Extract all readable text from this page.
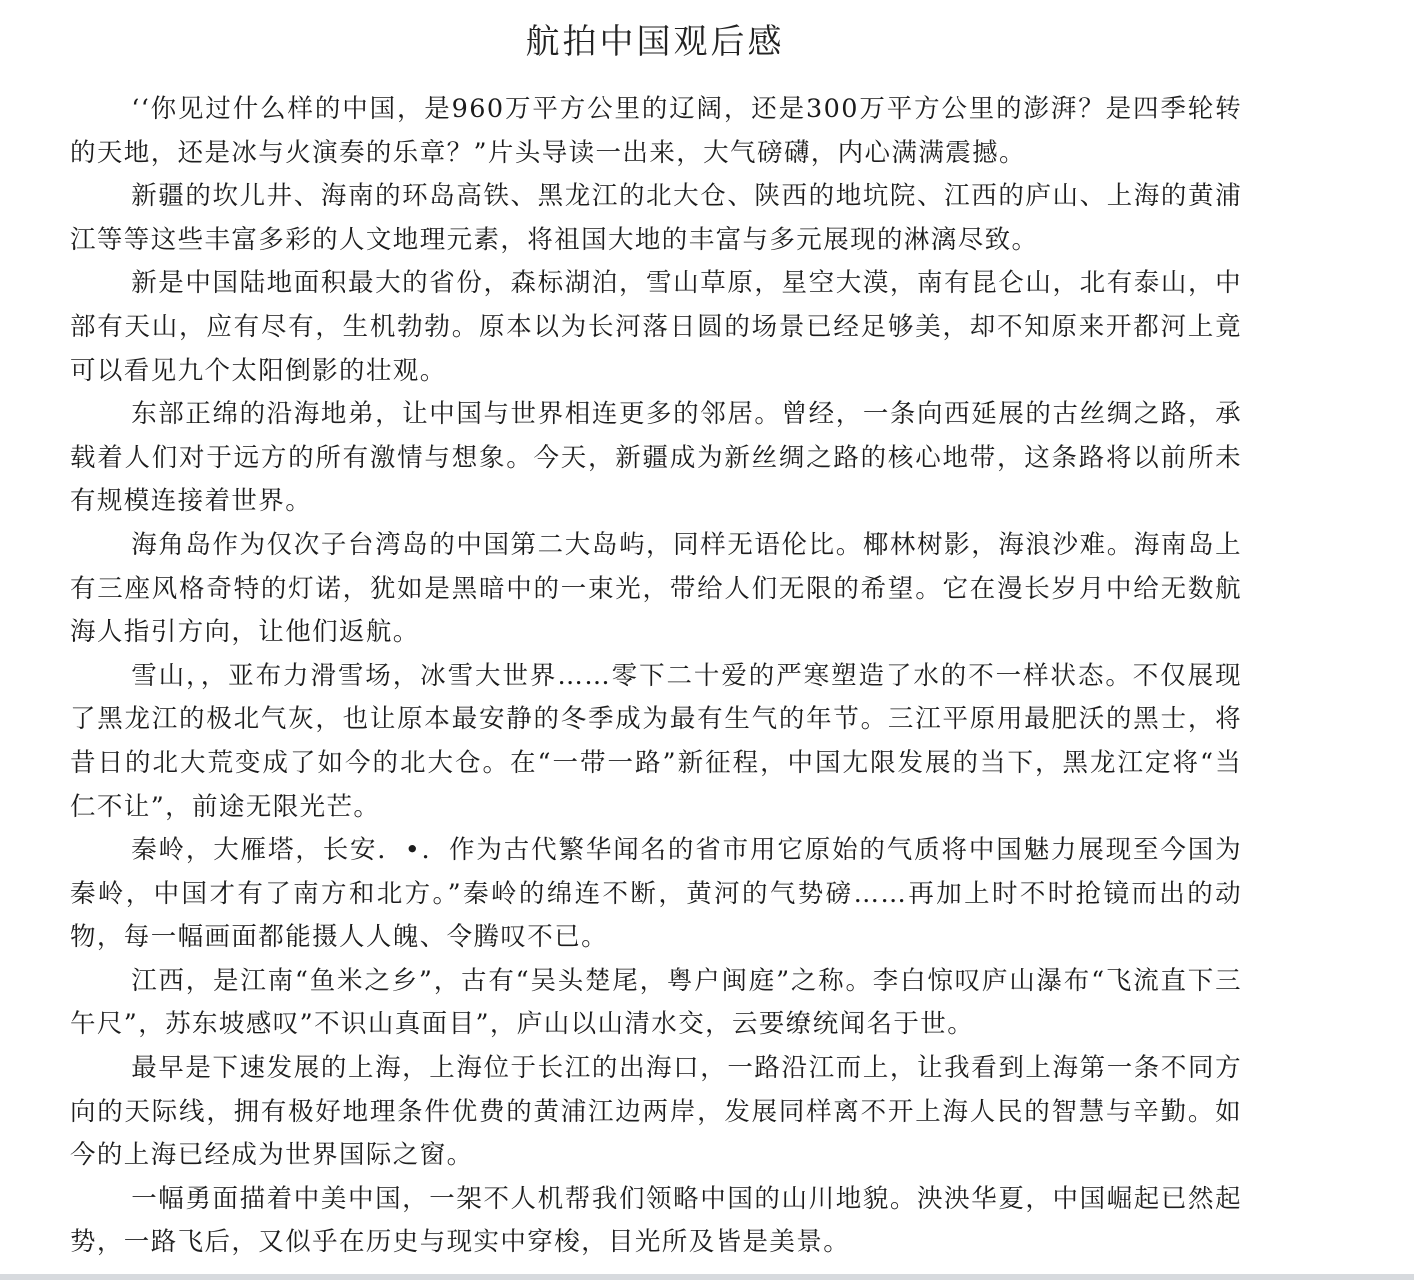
航拍中国观后感

‘‘你见过什么样的中国，是960万平方公里的辽阔，还是300万平方公里的澎湃？是四季轮转的天地，还是冰与火演奏的乐章？”片头导读一出来，大气磅礴，内心满满震撼。

新疆的坎儿井、海南的环岛高铁、黑龙江的北大仓、陕西的地坑院、江西的庐山、上海的黄浦江等等这些丰富多彩的人文地理元素，将祖国大地的丰富与多元展现的淋漓尽致。

新是中国陆地面积最大的省份，森标湖泊，雪山草原，星空大漠，南有昆仑山，北有泰山，中部有天山，应有尽有，生机勃勃。原本以为长河落日圆的场景已经足够美，却不知原来开都河上竟可以看见九个太阳倒影的壮观。

东部正绵的沿海地弟，让中国与世界相连更多的邻居。曾经，一条向西延展的古丝绸之路，承载着人们对于远方的所有激情与想象。今天，新疆成为新丝绸之路的核心地带，这条路将以前所未有规模连接着世界。

海角岛作为仅次子台湾岛的中国第二大岛屿，同样无语伦比。椰林树影，海浪沙难。海南岛上有三座风格奇特的灯诺，犹如是黑暗中的一束光，带给人们无限的希望。它在漫长岁月中给无数航海人指引方向，让他们返航。

雪山，，亚布力滑雪场，冰雪大世界……零下二十爱的严寒塑造了水的不一样状态。不仅展现了黑龙江的极北气灰，也让原本最安静的冬季成为最有生气的年节。三江平原用最肥沃的黑士，将昔日的北大荒变成了如今的北大仓。在“一带一路”新征程，中国尢限发展的当下，黑龙江定将“当仁不让”，前途无限光芒。

秦岭，大雁塔，长安．•．作为古代繁华闻名的省市用它原始的气质将中国魅力展现至今国为秦岭，中国才有了南方和北方。”秦岭的绵连不断，黄河的气势磅……再加上时不时抢镜而出的动物，每一幅画面都能摄人人魄、令腾叹不已。

江西，是江南“鱼米之乡”，古有“吴头楚尾，粤户闽庭”之称。李白惊叹庐山瀑布“飞流直下三午尺”，苏东坡感叹”不识山真面目”，庐山以山清水交，云要缭统闻名于世。

最早是下速发展的上海，上海位于长江的出海口，一路沿江而上，让我看到上海第一条不同方向的天际线，拥有极好地理条件优费的黄浦江边两岸，发展同样离不开上海人民的智慧与辛勤。如今的上海已经成为世界国际之窗。

一幅勇面描着中美中国，一架不人机帮我们领略中国的山川地貌。泱泱华夏，中国崛起已然起势，一路飞后，又似乎在历史与现实中穿梭，目光所及皆是美景。
